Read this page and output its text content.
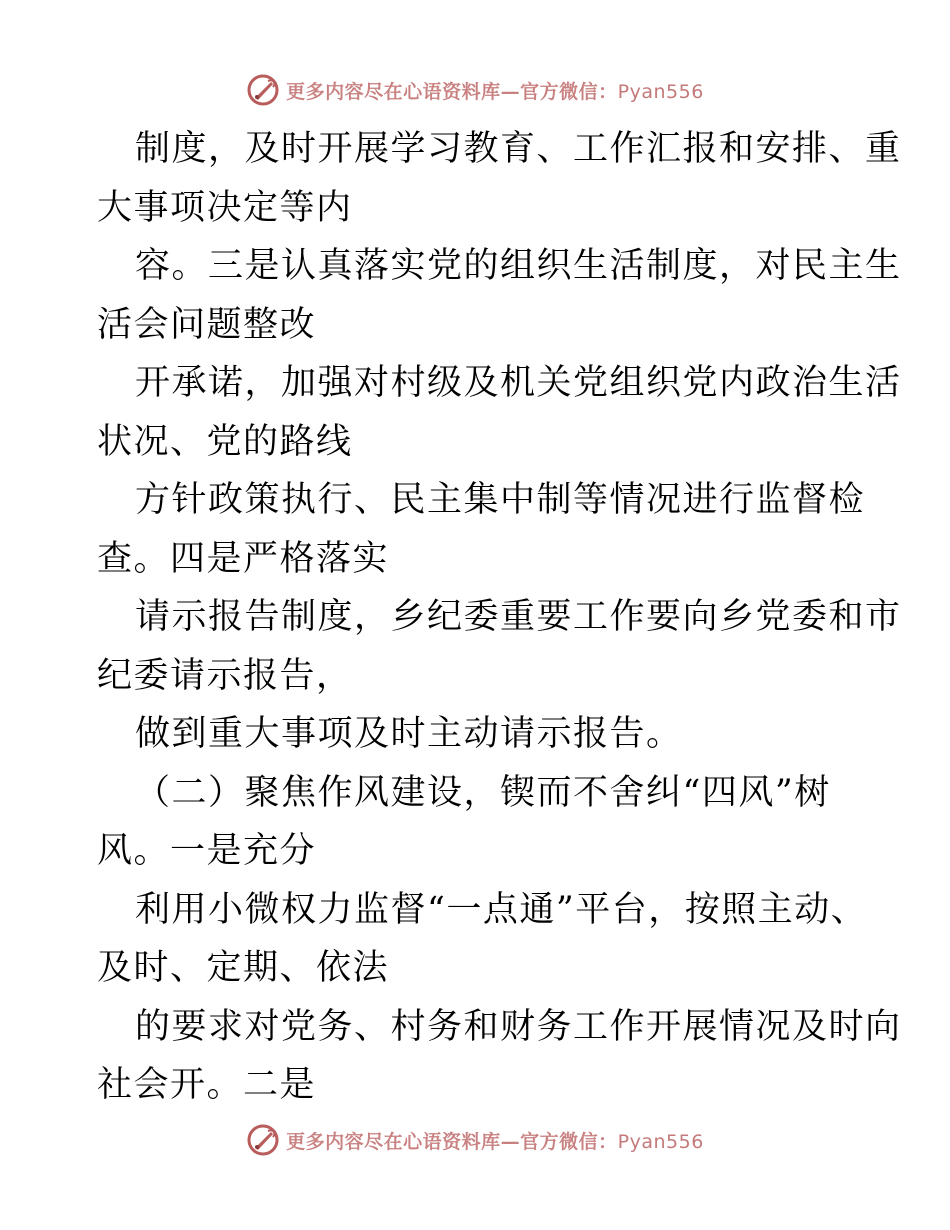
更多内容尽在心语资料库—官方微信：Pyan556
制度，及时开展学习教育、工作汇报和安排、重
大事项决定等内
容。三是认真落实党的组织生活制度，对民主生
活会问题整改
开承诺，加强对村级及机关党组织党内政治生活
状况、党的路线
方针政策执行、民主集中制等情况进行监督检
查。四是严格落实
请示报告制度，乡纪委重要工作要向乡党委和市
纪委请示报告，
做到重大事项及时主动请示报告。
（二）聚焦作风建设，锲而不舍纠“四风”树
风。一是充分
利用小微权力监督“一点通”平台，按照主动、
及时、定期、依法
的要求对党务、村务和财务工作开展情况及时向
社会开。二是
更多内容尽在心语资料库—官方微信：Pyan556
